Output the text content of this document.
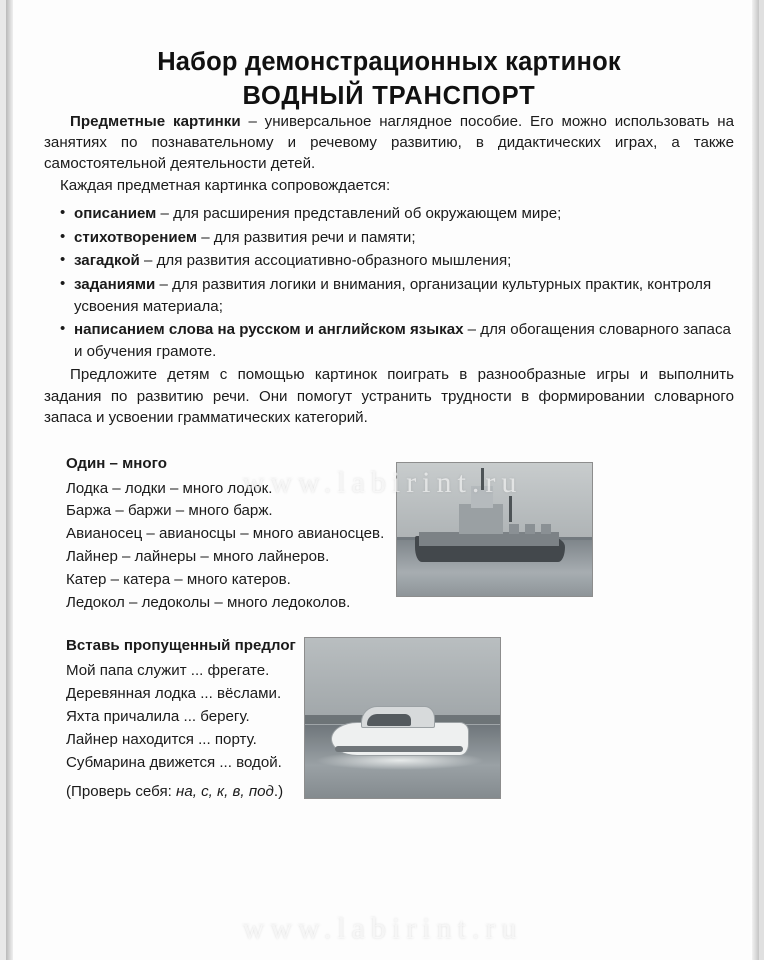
Набор демонстрационных картинок
ВОДНЫЙ ТРАНСПОРТ

Предметные картинки – универсальное наглядное пособие. Его можно использовать на занятиях по познавательному и речевому развитию, в дидактических играх, а также самостоятельной деятельности детей.

Каждая предметная картинка сопровождается:

• описанием – для расширения представлений об окружающем мире;
• стихотворением – для развития речи и памяти;
• загадкой – для развития ассоциативно-образного мышления;
• заданиями – для развития логики и внимания, организации культурных практик, контроля усвоения материала;
• написанием слова на русском и английском языках – для обогащения словарного запаса и обучения грамоте.

Предложите детям с помощью картинок поиграть в разнообразные игры и выполнить задания по развитию речи. Они помогут устранить трудности в формировании словарного запаса и усвоении грамматических категорий.

Один – много
Лодка – лодки – много лодок.
Баржа – баржи – много барж.
Авианосец – авианосцы – много авианосцев.
Лайнер – лайнеры – много лайнеров.
Катер – катера – много катеров.
Ледокол – ледоколы – много ледоколов.
Вставь пропущенный предлог
Мой папа служит ... фрегате.
Деревянная лодка ... вёслами.
Яхта причалила ... берегу.
Лайнер находится ... порту.
Субмарина движется ... водой.
(Проверь себя: на, с, к, в, под.)
www.labirint.ru
www.labirint.ru
